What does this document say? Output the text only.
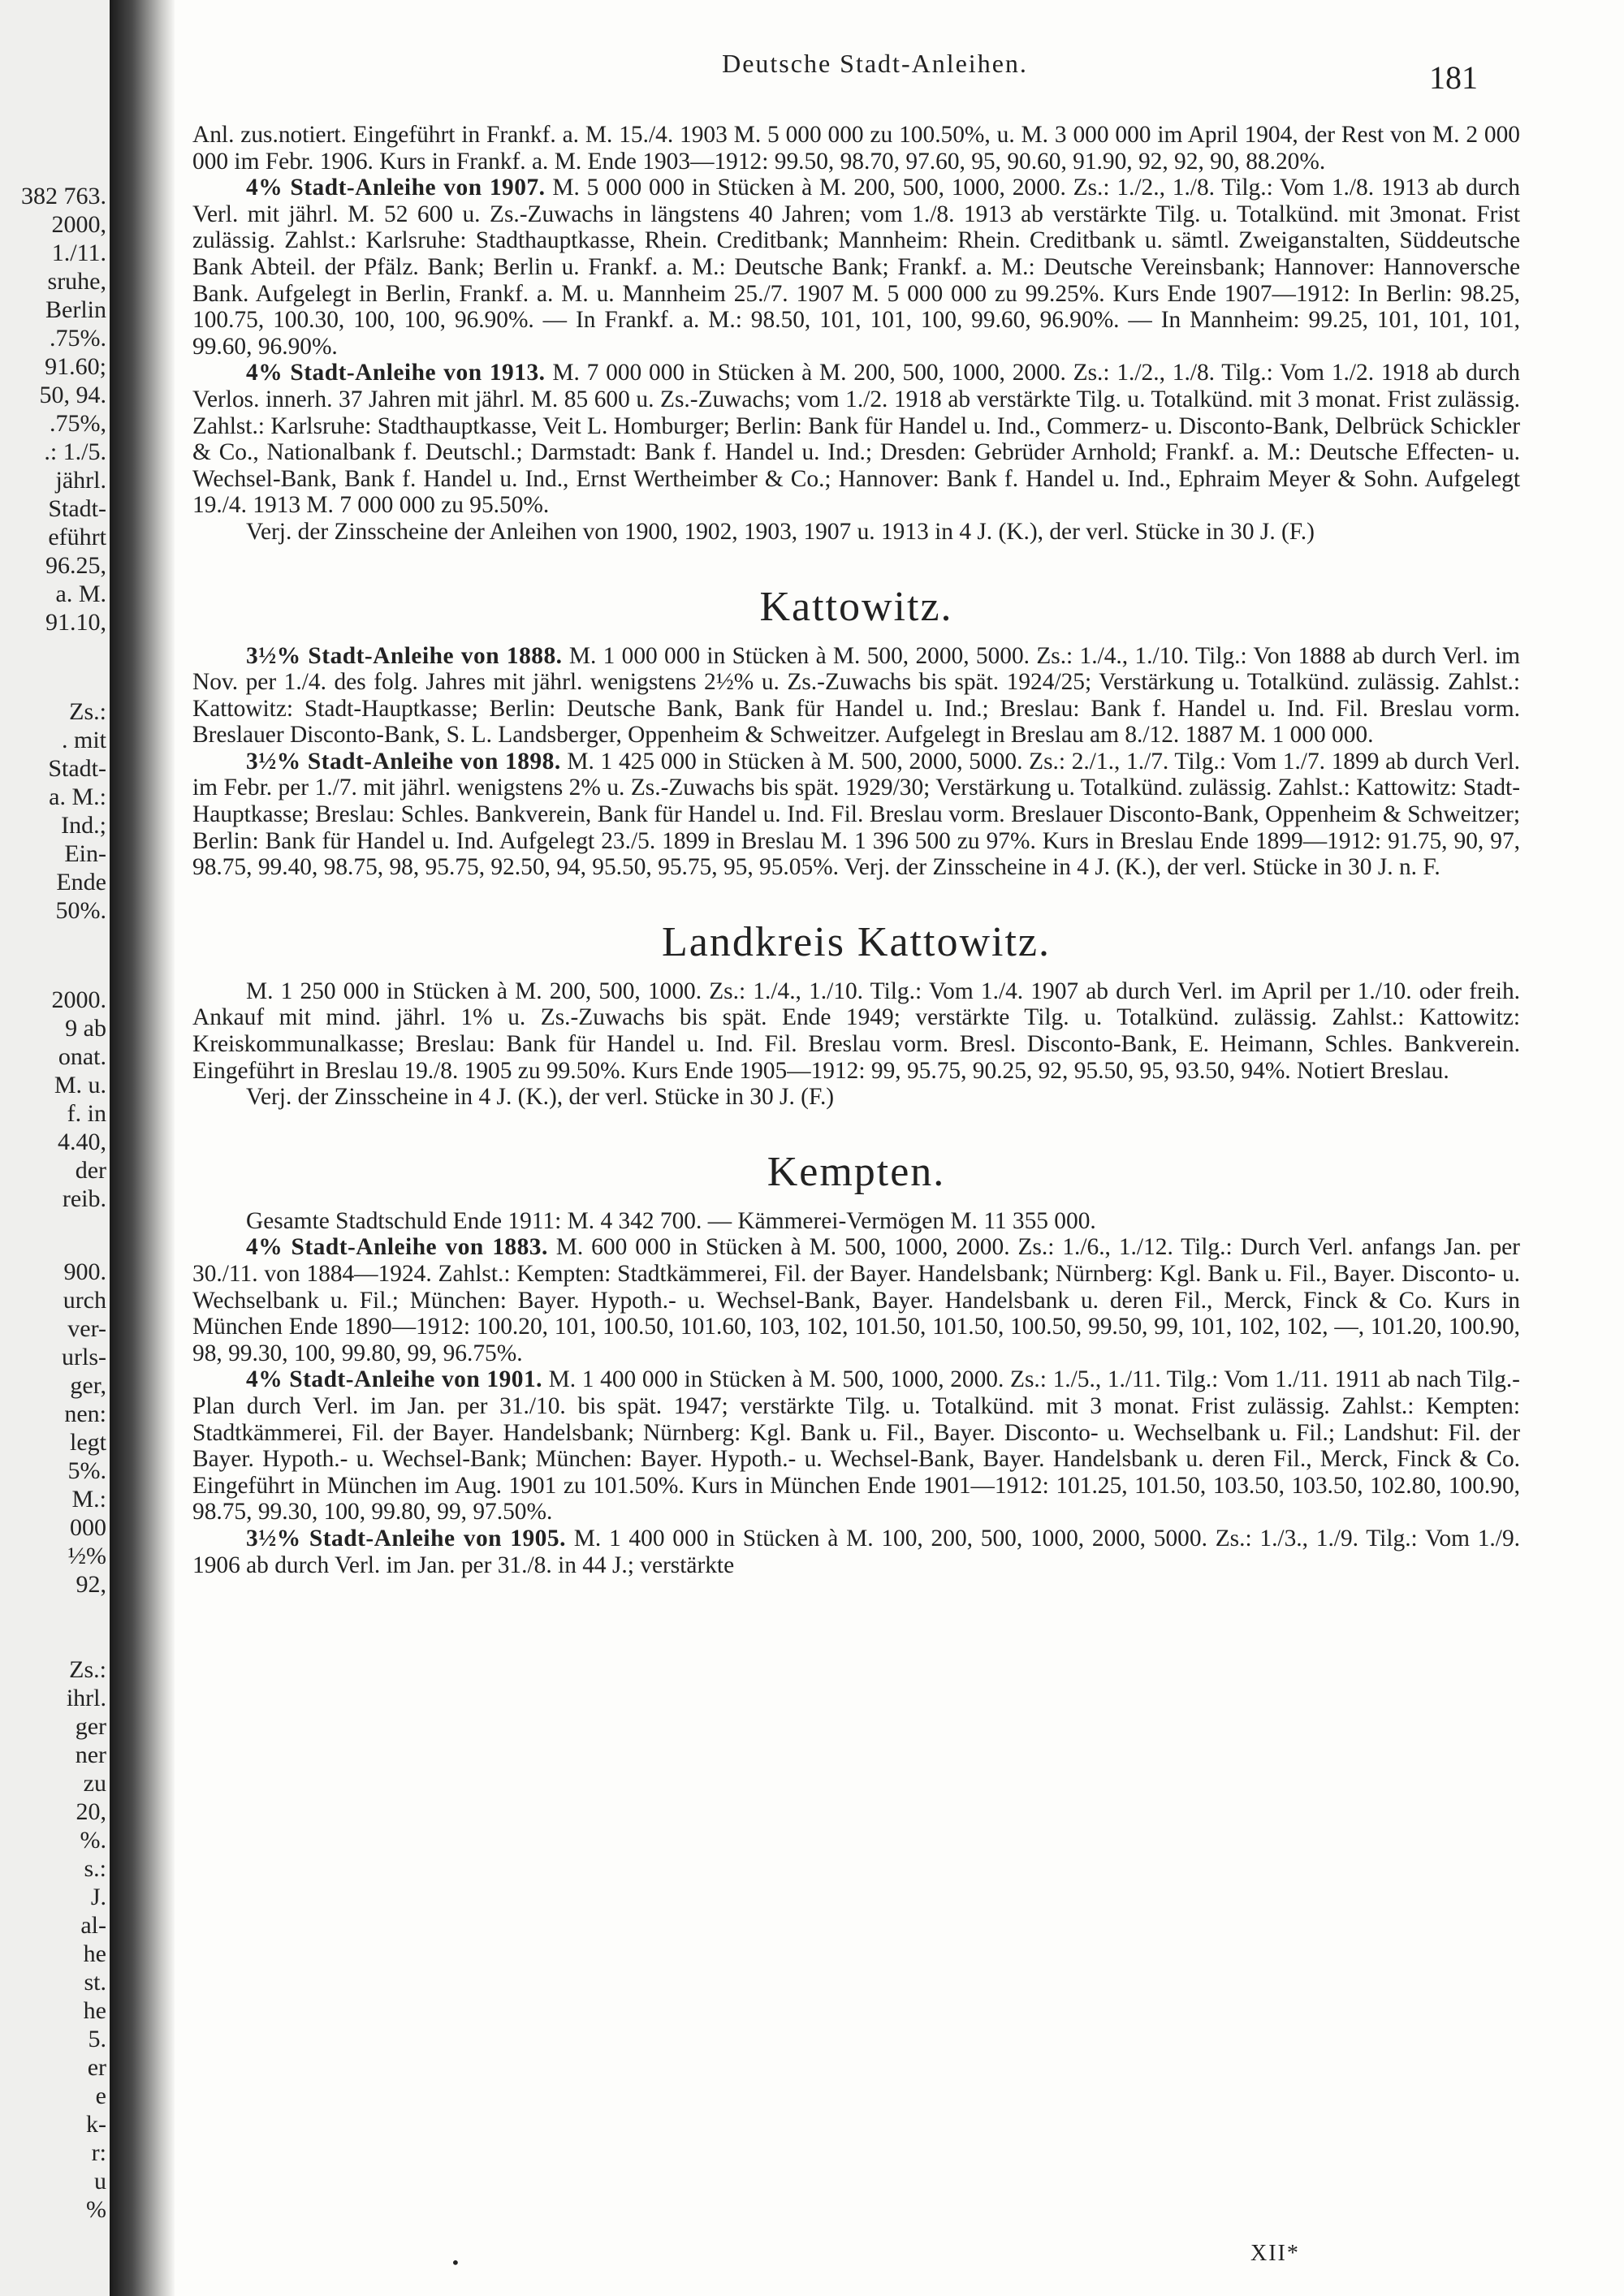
382 763.
2000,
1./11.
sruhe,
Berlin
.75%.
91.60;
50, 94.
.75%,
.: 1./5.
jährl.
Stadt-
eführt
96.25,
a. M.
91.10,
Zs.:
. mit
Stadt-
a. M.:
Ind.;
Ein-
Ende
50%.
2000.
9 ab
onat.
M. u.
f. in
4.40,
der
reib.
900.
urch
ver-
urls-
ger,
nen:
legt
5%.
M.:
000
½%
92,
Zs.:
ihrl.
ger
ner
zu
20,
%.
s.:
J.
al-
he
st.
he
5.
er
e
k-
r:
u
%
Deutsche Stadt-Anleihen.	181

Anl. zus.notiert. Eingeführt in Frankf. a. M. 15./4. 1903 M. 5 000 000 zu 100.50%, u. M. 3 000 000 im April 1904, der Rest von M. 2 000 000 im Febr. 1906. Kurs in Frankf. a. M. Ende 1903—1912: 99.50, 98.70, 97.60, 95, 90.60, 91.90, 92, 92, 90, 88.20%.

4% Stadt-Anleihe von 1907. M. 5 000 000 in Stücken à M. 200, 500, 1000, 2000. Zs.: 1./2., 1./8. Tilg.: Vom 1./8. 1913 ab durch Verl. mit jährl. M. 52 600 u. Zs.-Zuwachs in längstens 40 Jahren; vom 1./8. 1913 ab verstärkte Tilg. u. Totalkünd. mit 3monat. Frist zulässig. Zahlst.: Karlsruhe: Stadthauptkasse, Rhein. Creditbank; Mannheim: Rhein. Creditbank u. sämtl. Zweiganstalten, Süddeutsche Bank Abteil. der Pfälz. Bank; Berlin u. Frankf. a. M.: Deutsche Bank; Frankf. a. M.: Deutsche Vereinsbank; Hannover: Hannoversche Bank. Aufgelegt in Berlin, Frankf. a. M. u. Mannheim 25./7. 1907 M. 5 000 000 zu 99.25%. Kurs Ende 1907—1912: In Berlin: 98.25, 100.75, 100.30, 100, 100, 96.90%. — In Frankf. a. M.: 98.50, 101, 101, 100, 99.60, 96.90%. — In Mannheim: 99.25, 101, 101, 101, 99.60, 96.90%.

4% Stadt-Anleihe von 1913. M. 7 000 000 in Stücken à M. 200, 500, 1000, 2000. Zs.: 1./2., 1./8. Tilg.: Vom 1./2. 1918 ab durch Verlos. innerh. 37 Jahren mit jährl. M. 85 600 u. Zs.-Zuwachs; vom 1./2. 1918 ab verstärkte Tilg. u. Totalkünd. mit 3 monat. Frist zulässig. Zahlst.: Karlsruhe: Stadthauptkasse, Veit L. Homburger; Berlin: Bank für Handel u. Ind., Commerz- u. Disconto-Bank, Delbrück Schickler & Co., Nationalbank f. Deutschl.; Darmstadt: Bank f. Handel u. Ind.; Dresden: Gebrüder Arnhold; Frankf. a. M.: Deutsche Effecten- u. Wechsel-Bank, Bank f. Handel u. Ind., Ernst Wertheimber & Co.; Hannover: Bank f. Handel u. Ind., Ephraim Meyer & Sohn. Aufgelegt 19./4. 1913 M. 7 000 000 zu 95.50%.

Verj. der Zinsscheine der Anleihen von 1900, 1902, 1903, 1907 u. 1913 in 4 J. (K.), der verl. Stücke in 30 J. (F.)

Kattowitz.

3½% Stadt-Anleihe von 1888. M. 1 000 000 in Stücken à M. 500, 2000, 5000. Zs.: 1./4., 1./10. Tilg.: Von 1888 ab durch Verl. im Nov. per 1./4. des folg. Jahres mit jährl. wenigstens 2½% u. Zs.-Zuwachs bis spät. 1924/25; Verstärkung u. Totalkünd. zulässig. Zahlst.: Kattowitz: Stadt-Hauptkasse; Berlin: Deutsche Bank, Bank für Handel u. Ind.; Breslau: Bank f. Handel u. Ind. Fil. Breslau vorm. Breslauer Disconto-Bank, S. L. Landsberger, Oppenheim & Schweitzer. Aufgelegt in Breslau am 8./12. 1887 M. 1 000 000.

3½% Stadt-Anleihe von 1898. M. 1 425 000 in Stücken à M. 500, 2000, 5000. Zs.: 2./1., 1./7. Tilg.: Vom 1./7. 1899 ab durch Verl. im Febr. per 1./7. mit jährl. wenigstens 2% u. Zs.-Zuwachs bis spät. 1929/30; Verstärkung u. Totalkünd. zulässig. Zahlst.: Kattowitz: Stadt-Hauptkasse; Breslau: Schles. Bankverein, Bank für Handel u. Ind. Fil. Breslau vorm. Breslauer Disconto-Bank, Oppenheim & Schweitzer; Berlin: Bank für Handel u. Ind. Aufgelegt 23./5. 1899 in Breslau M. 1 396 500 zu 97%. Kurs in Breslau Ende 1899—1912: 91.75, 90, 97, 98.75, 99.40, 98.75, 98, 95.75, 92.50, 94, 95.50, 95.75, 95, 95.05%. Verj. der Zinsscheine in 4 J. (K.), der verl. Stücke in 30 J. n. F.

Landkreis Kattowitz.

M. 1 250 000 in Stücken à M. 200, 500, 1000. Zs.: 1./4., 1./10. Tilg.: Vom 1./4. 1907 ab durch Verl. im April per 1./10. oder freih. Ankauf mit mind. jährl. 1% u. Zs.-Zuwachs bis spät. Ende 1949; verstärkte Tilg. u. Totalkünd. zulässig. Zahlst.: Kattowitz: Kreiskommunalkasse; Breslau: Bank für Handel u. Ind. Fil. Breslau vorm. Bresl. Disconto-Bank, E. Heimann, Schles. Bankverein. Eingeführt in Breslau 19./8. 1905 zu 99.50%. Kurs Ende 1905—1912: 99, 95.75, 90.25, 92, 95.50, 95, 93.50, 94%. Notiert Breslau.

Verj. der Zinsscheine in 4 J. (K.), der verl. Stücke in 30 J. (F.)

Kempten.

Gesamte Stadtschuld Ende 1911: M. 4 342 700. — Kämmerei-Vermögen M. 11 355 000.

4% Stadt-Anleihe von 1883. M. 600 000 in Stücken à M. 500, 1000, 2000. Zs.: 1./6., 1./12. Tilg.: Durch Verl. anfangs Jan. per 30./11. von 1884—1924. Zahlst.: Kempten: Stadtkämmerei, Fil. der Bayer. Handelsbank; Nürnberg: Kgl. Bank u. Fil., Bayer. Disconto- u. Wechselbank u. Fil.; München: Bayer. Hypoth.- u. Wechsel-Bank, Bayer. Handelsbank u. deren Fil., Merck, Finck & Co. Kurs in München Ende 1890—1912: 100.20, 101, 100.50, 101.60, 103, 102, 101.50, 101.50, 100.50, 99.50, 99, 101, 102, 102, —, 101.20, 100.90, 98, 99.30, 100, 99.80, 99, 96.75%.

4% Stadt-Anleihe von 1901. M. 1 400 000 in Stücken à M. 500, 1000, 2000. Zs.: 1./5., 1./11. Tilg.: Vom 1./11. 1911 ab nach Tilg.-Plan durch Verl. im Jan. per 31./10. bis spät. 1947; verstärkte Tilg. u. Totalkünd. mit 3 monat. Frist zulässig. Zahlst.: Kempten: Stadtkämmerei, Fil. der Bayer. Handelsbank; Nürnberg: Kgl. Bank u. Fil., Bayer. Disconto- u. Wechselbank u. Fil.; Landshut: Fil. der Bayer. Hypoth.- u. Wechsel-Bank; München: Bayer. Hypoth.- u. Wechsel-Bank, Bayer. Handelsbank u. deren Fil., Merck, Finck & Co. Eingeführt in München im Aug. 1901 zu 101.50%. Kurs in München Ende 1901—1912: 101.25, 101.50, 103.50, 103.50, 102.80, 100.90, 98.75, 99.30, 100, 99.80, 99, 97.50%.

3½% Stadt-Anleihe von 1905. M. 1 400 000 in Stücken à M. 100, 200, 500, 1000, 2000, 5000. Zs.: 1./3., 1./9. Tilg.: Vom 1./9. 1906 ab durch Verl. im Jan. per 31./8. in 44 J.; verstärkte

•	XII*
